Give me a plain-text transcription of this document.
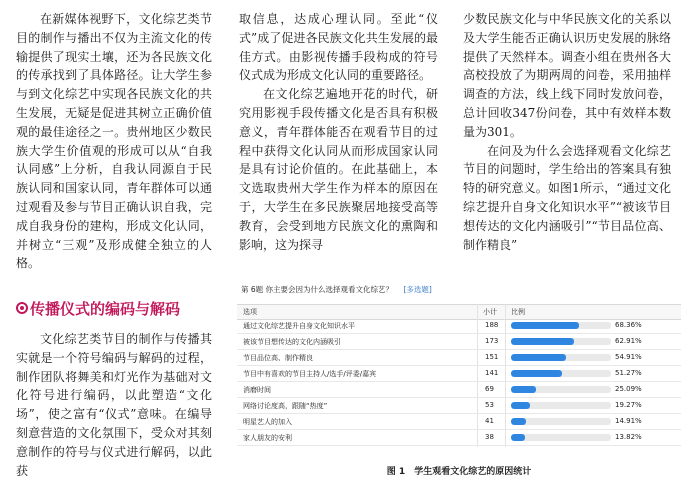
在新媒体视野下，文化综艺类节目的制作与播出不仅为主流文化的传输提供了现实土壤，还为各民族文化的传承找到了具体路径。让大学生参与到文化综艺中实现各民族文化的共生发展，无疑是促进其树立正确价值观的最佳途径之一。贵州地区少数民族大学生价值观的形成可以从“自我认同感”上分析，自我认同源自于民族认同和国家认同，青年群体可以通过观看及参与节目正确认识自我，完成自我身份的建构，形成文化认同，并树立“三观”及形成健全独立的人格。

传播仪式的编码与解码

文化综艺类节目的制作与传播其实就是一个符号编码与解码的过程，制作团队将舞美和灯光作为基础对文化符号进行编码，以此塑造“文化场”，使之富有“仪式”意味。在编导刻意营造的文化氛围下，受众对其刻意制作的符号与仪式进行解码，以此获

取信息，达成心理认同。至此“仪式”成了促进各民族文化共生发展的最佳方式。由影视传播手段构成的符号仪式成为形成文化认同的重要路径。

在文化综艺遍地开花的时代，研究用影视手段传播文化是否具有积极意义，青年群体能否在观看节目的过程中获得文化认同从而形成国家认同是具有讨论价值的。在此基础上，本文选取贵州大学生作为样本的原因在于，大学生在多民族聚居地接受高等教育，会受到地方民族文化的熏陶和影响，这为探寻

少数民族文化与中华民族文化的关系以及大学生能否正确认识历史发展的脉络提供了天然样本。调查小组在贵州各大高校投放了为期两周的问卷，采用抽样调查的方法，线上线下同时发放问卷，总计回收347份问卷，其中有效样本数量为301。

在问及为什么会选择观看文化综艺节目的问题时，学生给出的答案具有独特的研究意义。如图1所示，“通过文化综艺提升自身文化知识水平”“被该节目想传达的文化内涵吸引”“节目品位高、制作精良”

第 6题 你主要会因为什么选择观看文化综艺？ [多选题]
选项	小计 比例
通过文化综艺提升自身文化知识水平	188	68.36%
被该节目想传达的文化内涵吸引	173	62.91%
节目品位高、制作精良	151	54.91%
节目中有喜欢的节目主持人/选手/评委/嘉宾	141	51.27%
消磨时间	69	25.09%
网络讨论度高，跟随“热度”	53	19.27%
明星艺人的加入	41	14.91%
家人朋友的安利	38	13.82%
图 1　学生观看文化综艺的原因统计
